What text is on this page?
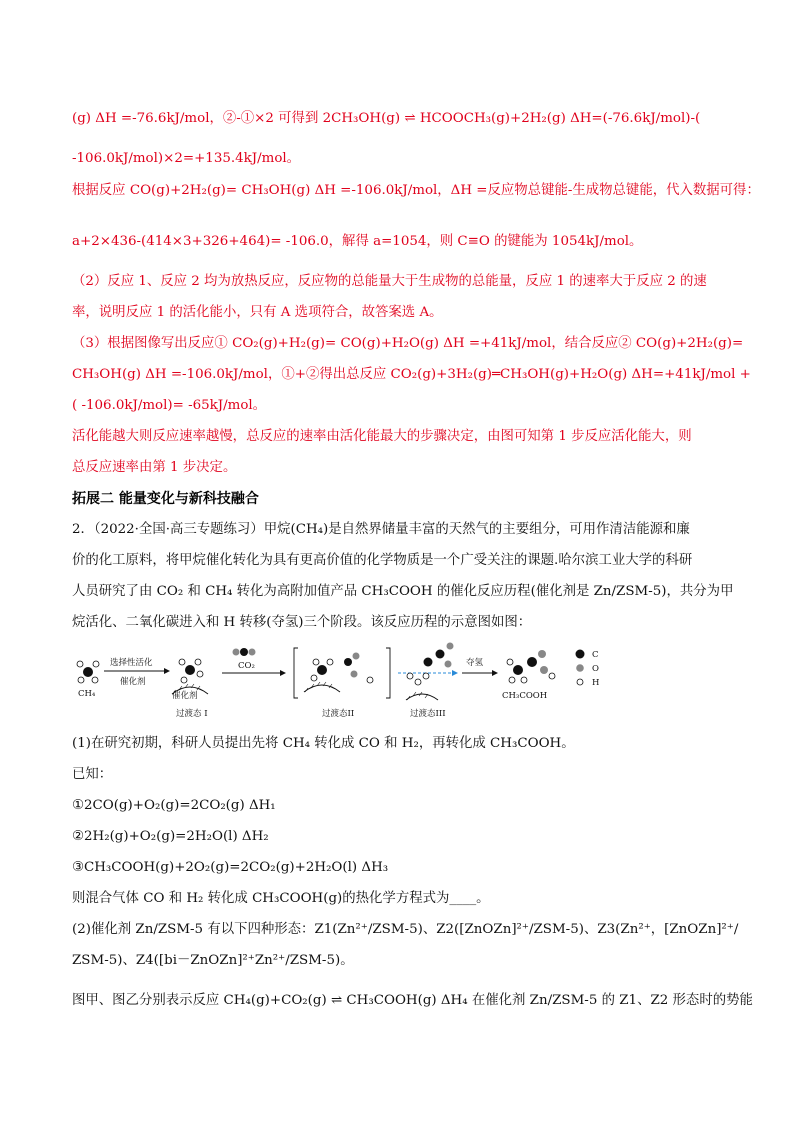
(g) ΔH =-76.6kJ/mol，②-①×2 可得到 2CH₃OH(g) ⇌ HCOOCH₃(g)+2H₂(g) ΔH=(-76.6kJ/mol)-(
-106.0kJ/mol)×2=+135.4kJ/mol。
根据反应 CO(g)+2H₂(g)= CH₃OH(g) ΔH =-106.0kJ/mol，ΔH =反应物总键能-生成物总键能，代入数据可得：
a+2×436-(414×3+326+464)= -106.0，解得 a=1054，则 C≡O 的键能为 1054kJ/mol。
（2）反应 1、反应 2 均为放热反应，反应物的总能量大于生成物的总能量，反应 1 的速率大于反应 2 的速
率，说明反应 1 的活化能小，只有 A 选项符合，故答案选 A。
（3）根据图像写出反应① CO₂(g)+H₂(g)= CO(g)+H₂O(g) ΔH =+41kJ/mol，结合反应② CO(g)+2H₂(g)=
CH₃OH(g) ΔH =-106.0kJ/mol，①+②得出总反应 CO₂(g)+3H₂(g)═CH₃OH(g)+H₂O(g) ΔH=+41kJ/mol +
( -106.0kJ/mol)= -65kJ/mol。
活化能越大则反应速率越慢，总反应的速率由活化能最大的步骤决定，由图可知第 1 步反应活化能大，则
总反应速率由第 1 步决定。
拓展二 能量变化与新科技融合
2．（2022·全国·高三专题练习）甲烷(CH₄)是自然界储量丰富的天然气的主要组分，可用作清洁能源和廉
价的化工原料，将甲烷催化转化为具有更高价值的化学物质是一个广受关注的课题.哈尔滨工业大学的科研
人员研究了由 CO₂ 和 CH₄ 转化为高附加值产品 CH₃COOH 的催化反应历程(催化剂是 Zn/ZSM-5)，共分为甲
烷活化、二氧化碳进入和 H 转移(夺氢)三个阶段。该反应历程的示意图如图：
CH₄
选择性活化
催化剂
催化剂
过渡态 I
CO₂
过渡态II	过渡态III
夺氢
CH₃COOH
C
O
H
(1)在研究初期，科研人员提出先将 CH₄ 转化成 CO 和 H₂，再转化成 CH₃COOH。
已知：
①2CO(g)+O₂(g)=2CO₂(g) ΔH₁
②2H₂(g)+O₂(g)=2H₂O(l) ΔH₂
③CH₃COOH(g)+2O₂(g)=2CO₂(g)+2H₂O(l) ΔH₃
则混合气体 CO 和 H₂ 转化成 CH₃COOH(g)的热化学方程式为____。
(2)催化剂 Zn/ZSM-5 有以下四种形态：Z1(Zn²⁺/ZSM-5)、Z2([ZnOZn]²⁺/ZSM-5)、Z3(Zn²⁺，[ZnOZn]²⁺/
ZSM-5)、Z4([bi－ZnOZn]²⁺Zn²⁺/ZSM-5)。
图甲、图乙分别表示反应 CH₄(g)+CO₂(g) ⇌ CH₃COOH(g) ΔH₄ 在催化剂 Zn/ZSM-5 的 Z1、Z2 形态时的势能
